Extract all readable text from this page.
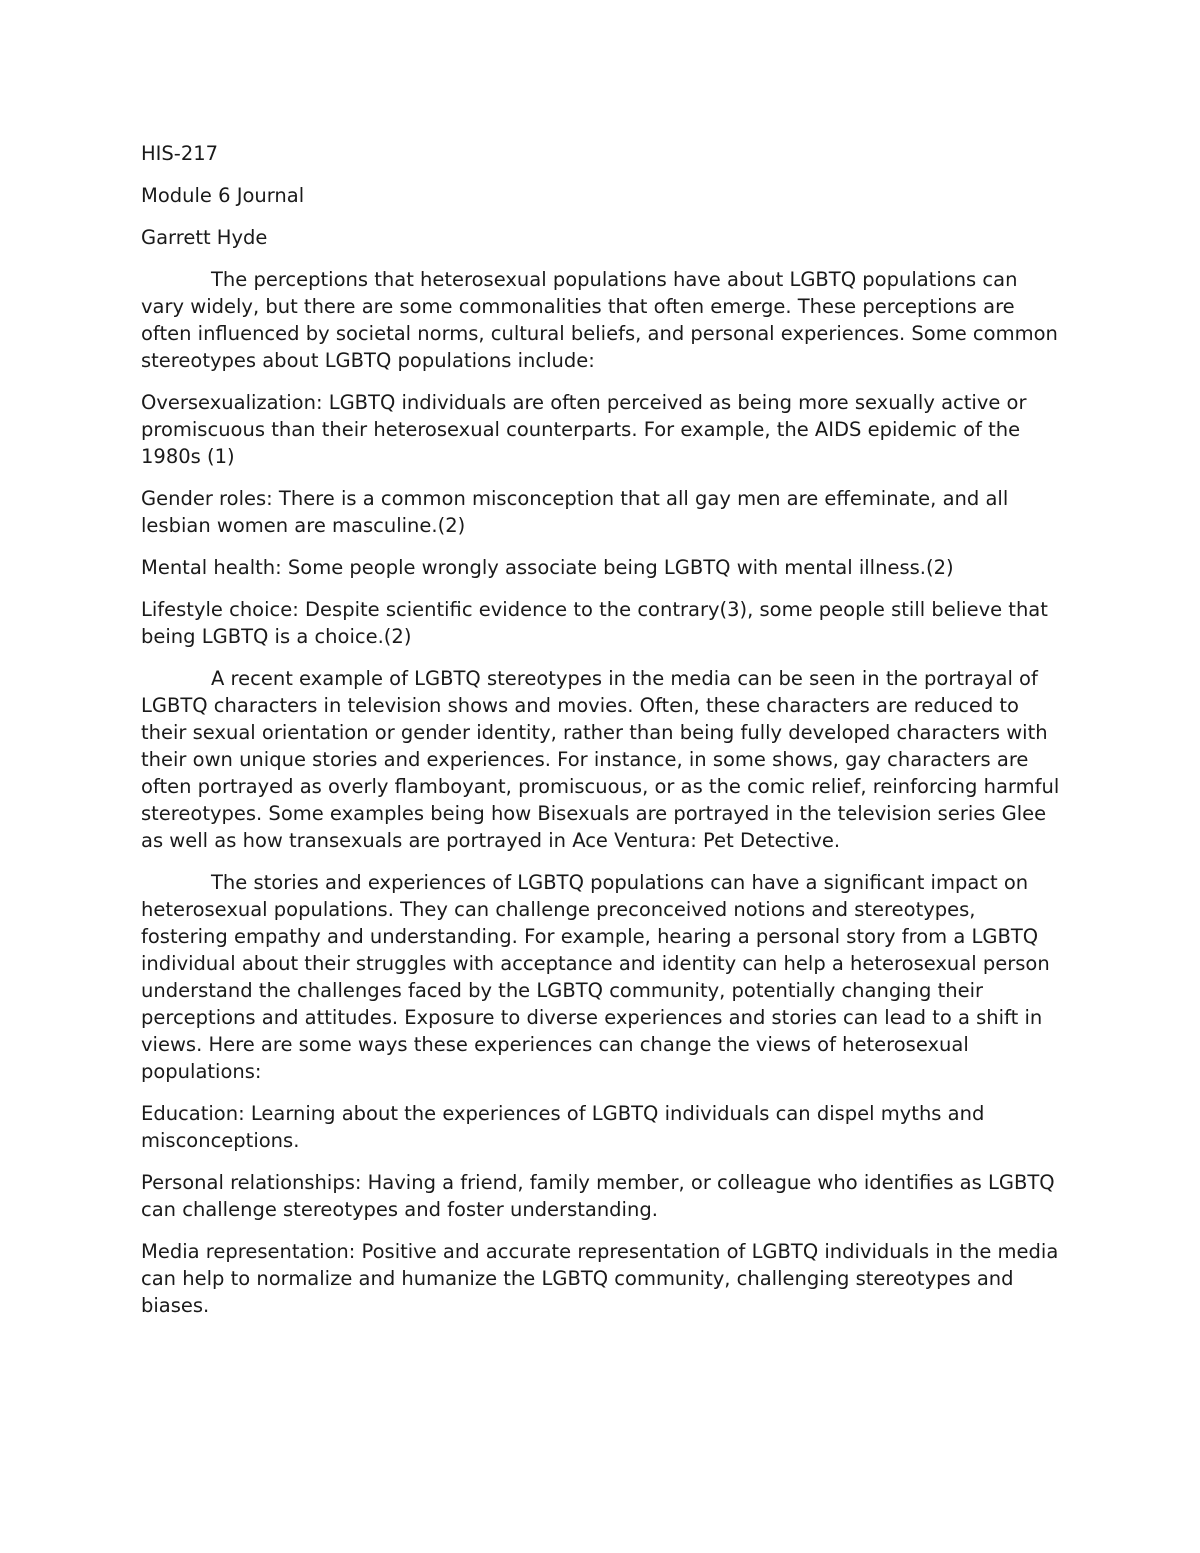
HIS-217

Module 6 Journal

Garrett Hyde

The perceptions that heterosexual populations have about LGBTQ populations can vary widely, but there are some commonalities that often emerge. These perceptions are often influenced by societal norms, cultural beliefs, and personal experiences. Some common stereotypes about LGBTQ populations include:

Oversexualization: LGBTQ individuals are often perceived as being more sexually active or promiscuous than their heterosexual counterparts. For example, the AIDS epidemic of the 1980s (1)

Gender roles: There is a common misconception that all gay men are effeminate, and all lesbian women are masculine.(2)

Mental health: Some people wrongly associate being LGBTQ with mental illness.(2)

Lifestyle choice: Despite scientific evidence to the contrary(3), some people still believe that being LGBTQ is a choice.(2)

A recent example of LGBTQ stereotypes in the media can be seen in the portrayal of LGBTQ characters in television shows and movies. Often, these characters are reduced to their sexual orientation or gender identity, rather than being fully developed characters with their own unique stories and experiences. For instance, in some shows, gay characters are often portrayed as overly flamboyant, promiscuous, or as the comic relief, reinforcing harmful stereotypes. Some examples being how Bisexuals are portrayed in the television series Glee as well as how transexuals are portrayed in Ace Ventura: Pet Detective.

The stories and experiences of LGBTQ populations can have a significant impact on heterosexual populations. They can challenge preconceived notions and stereotypes, fostering empathy and understanding. For example, hearing a personal story from a LGBTQ individual about their struggles with acceptance and identity can help a heterosexual person understand the challenges faced by the LGBTQ community, potentially changing their perceptions and attitudes. Exposure to diverse experiences and stories can lead to a shift in views. Here are some ways these experiences can change the views of heterosexual populations:

Education: Learning about the experiences of LGBTQ individuals can dispel myths and misconceptions.

Personal relationships: Having a friend, family member, or colleague who identifies as LGBTQ can challenge stereotypes and foster understanding.

Media representation: Positive and accurate representation of LGBTQ individuals in the media can help to normalize and humanize the LGBTQ community, challenging stereotypes and biases.
